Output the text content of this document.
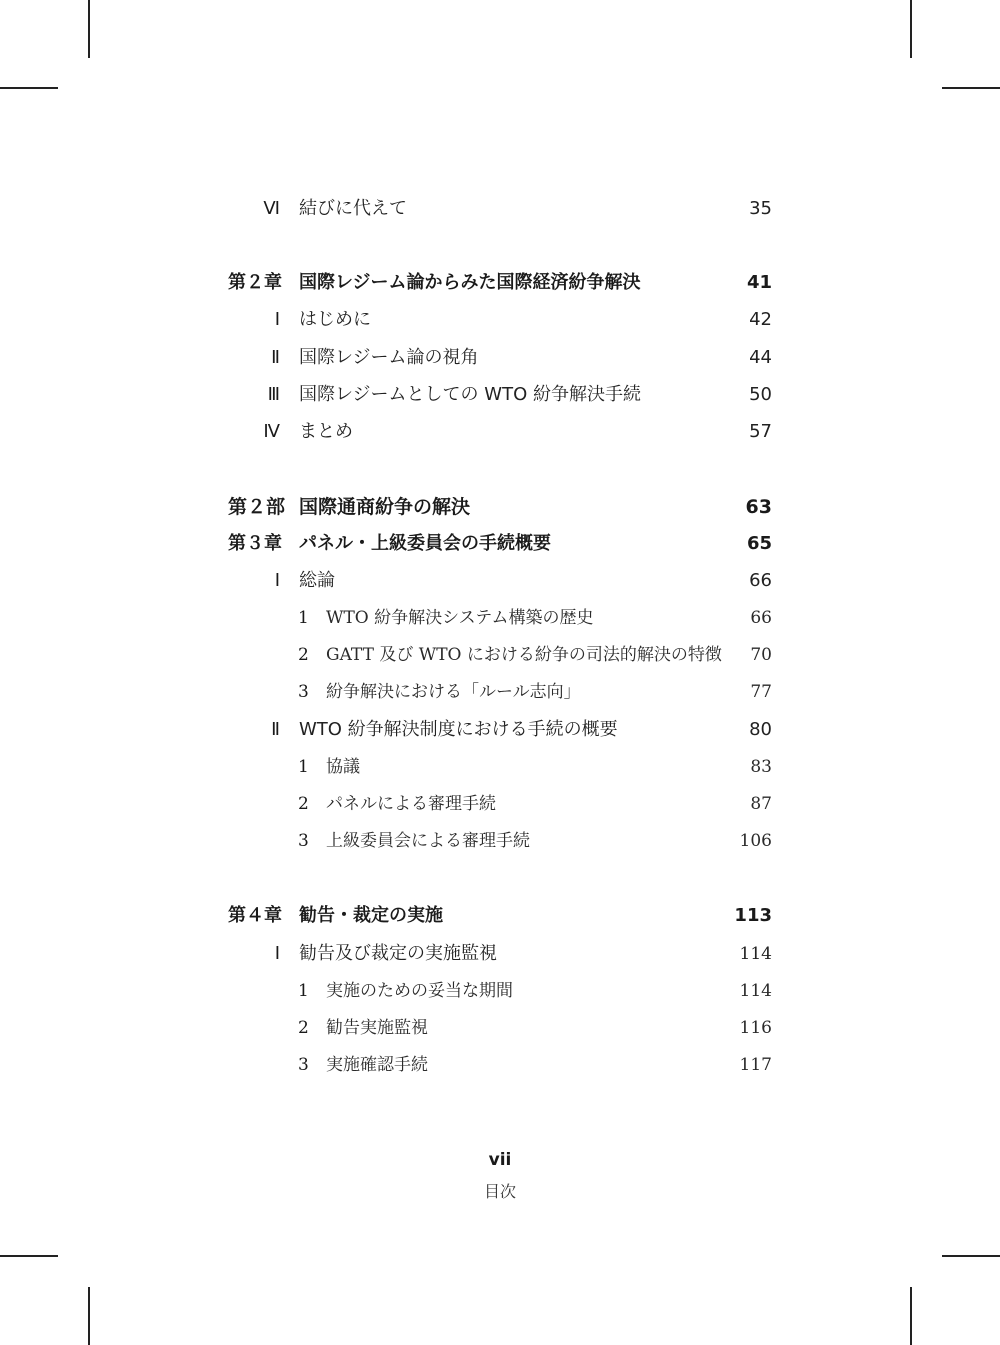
Ⅵ 結びに代えて	35
第２章 国際レジーム論からみた国際経済紛争解決	41
Ⅰ はじめに	42
Ⅱ 国際レジーム論の視角	44
Ⅲ 国際レジームとしての WTO 紛争解決手続	50
Ⅳ まとめ	57
第２部 国際通商紛争の解決	63
第３章 パネル・上級委員会の手続概要	65
Ⅰ 総論	66
1 WTO 紛争解決システム構築の歴史	66
2 GATT 及び WTO における紛争の司法的解決の特徴 70
3 紛争解決における「ルール志向」	77
Ⅱ WTO 紛争解決制度における手続の概要	80
1 協議	83
2 パネルによる審理手続	87
3 上級委員会による審理手続	106
第４章 勧告・裁定の実施	113
Ⅰ 勧告及び裁定の実施監視	114
1 実施のための妥当な期間	114
2 勧告実施監視	116
3 実施確認手続	117
vii
目次
